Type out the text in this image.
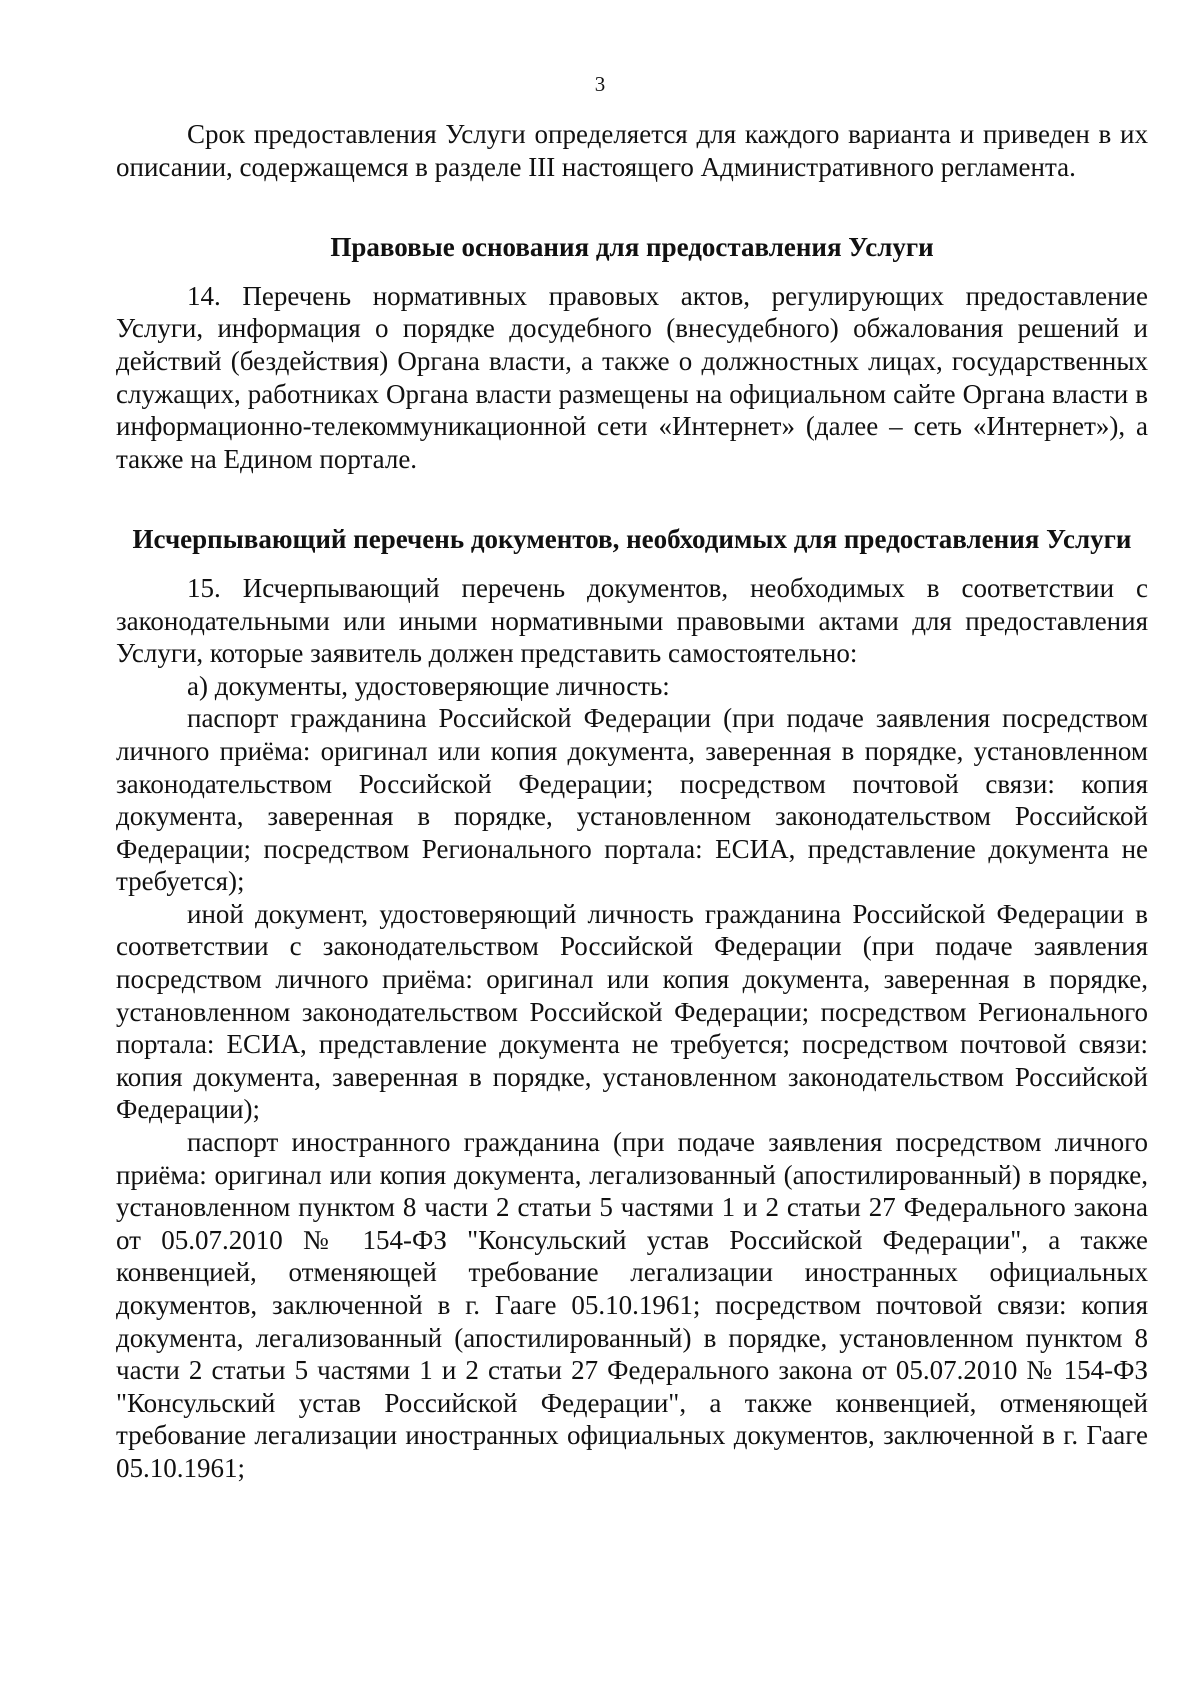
3

Срок предоставления Услуги определяется для каждого варианта и приведен в их описании, содержащемся в разделе III настоящего Административного регламента.

Правовые основания для предоставления Услуги

14. Перечень нормативных правовых актов, регулирующих предоставление Услуги, информация о порядке досудебного (внесудебного) обжалования решений и действий (бездействия) Органа власти, а также о должностных лицах, государственных служащих, работниках Органа власти размещены на официальном сайте Органа власти в информационно-телекоммуникационной сети «Интернет» (далее – сеть «Интернет»), а также на Едином портале.

Исчерпывающий перечень документов, необходимых для предоставления Услуги

15. Исчерпывающий перечень документов, необходимых в соответствии с законодательными или иными нормативными правовыми актами для предоставления Услуги, которые заявитель должен представить самостоятельно:

а) документы, удостоверяющие личность:

паспорт гражданина Российской Федерации (при подаче заявления посредством личного приёма: оригинал или копия документа, заверенная в порядке, установленном законодательством Российской Федерации; посредством почтовой связи: копия документа, заверенная в порядке, установленном законодательством Российской Федерации; посредством Регионального портала: ЕСИА, представление документа не требуется);

иной документ, удостоверяющий личность гражданина Российской Федерации в соответствии с законодательством Российской Федерации (при подаче заявления посредством личного приёма: оригинал или копия документа, заверенная в порядке, установленном законодательством Российской Федерации; посредством Регионального портала: ЕСИА, представление документа не требуется; посредством почтовой связи: копия документа, заверенная в порядке, установленном законодательством Российской Федерации);

паспорт иностранного гражданина (при подаче заявления посредством личного приёма: оригинал или копия документа, легализованный (апостилированный) в порядке, установленном пунктом 8 части 2 статьи 5 частями 1 и 2 статьи 27 Федерального закона от 05.07.2010 № 154-ФЗ "Консульский устав Российской Федерации", а также конвенцией, отменяющей требование легализации иностранных официальных документов, заключенной в г. Гааге 05.10.1961; посредством почтовой связи: копия документа, легализованный (апостилированный) в порядке, установленном пунктом 8 части 2 статьи 5 частями 1 и 2 статьи 27 Федерального закона от 05.07.2010 № 154-ФЗ "Консульский устав Российской Федерации", а также конвенцией, отменяющей требование легализации иностранных официальных документов, заключенной в г. Гааге 05.10.1961;
